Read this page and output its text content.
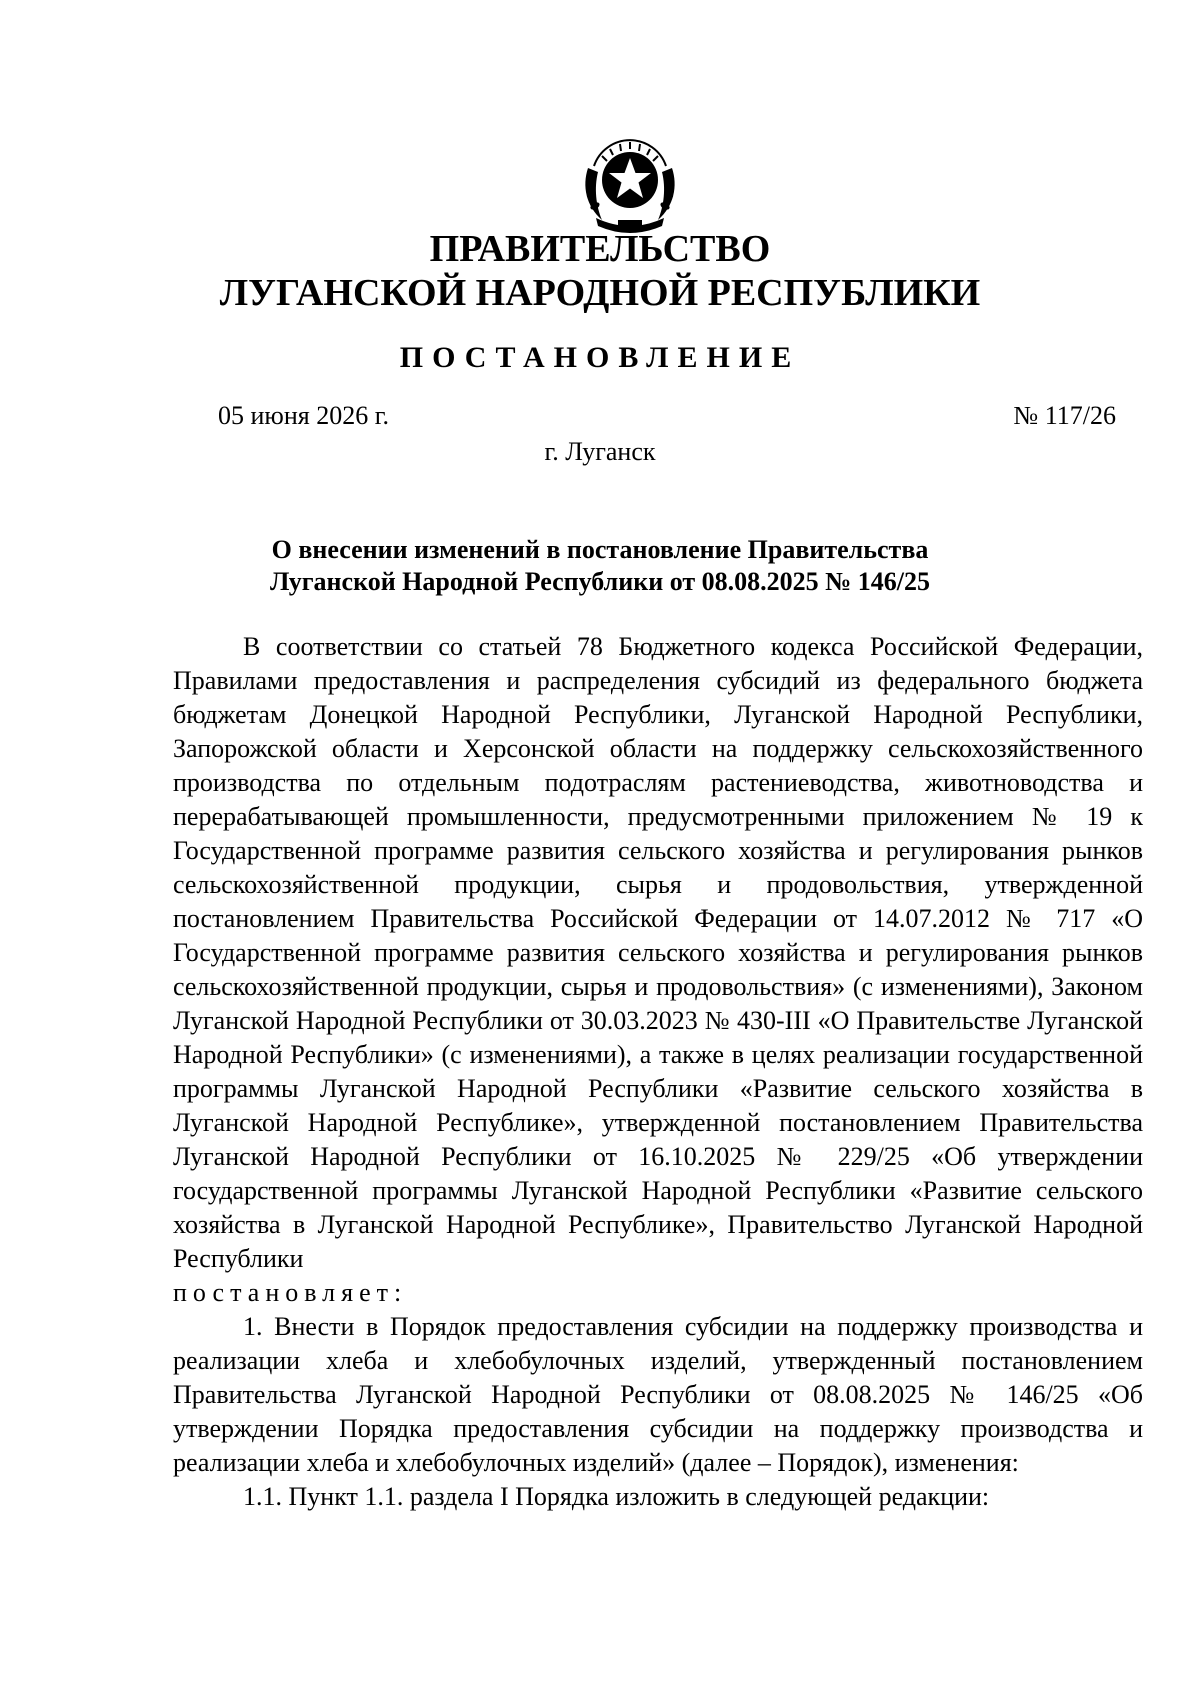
ПРАВИТЕЛЬСТВО
ЛУГАНСКОЙ НАРОДНОЙ РЕСПУБЛИКИ
ПОСТАНОВЛЕНИЕ
05 июня 2026 г.	№ 117/26
г. Луганск
О внесении изменений в постановление Правительства
Луганской Народной Республики от 08.08.2025 № 146/25

В соответствии со статьей 78 Бюджетного кодекса Российской Федерации, Правилами предоставления и распределения субсидий из федерального бюджета бюджетам Донецкой Народной Республики, Луганской Народной Республики, Запорожской области и Херсонской области на поддержку сельскохозяйственного производства по отдельным подотраслям растениеводства, животноводства и перерабатывающей промышленности, предусмотренными приложением № 19 к Государственной программе развития сельского хозяйства и регулирования рынков сельскохозяйственной продукции, сырья и продовольствия, утвержденной постановлением Правительства Российской Федерации от 14.07.2012 № 717 «О Государственной программе развития сельского хозяйства и регулирования рынков сельскохозяйственной продукции, сырья и продовольствия» (с изменениями), Законом Луганской Народной Республики от 30.03.2023 № 430-III «О Правительстве Луганской Народной Республики» (с изменениями), а также в целях реализации государственной программы Луганской Народной Республики «Развитие сельского хозяйства в Луганской Народной Республике», утвержденной постановлением Правительства Луганской Народной Республики от 16.10.2025 № 229/25 «Об утверждении государственной программы Луганской Народной Республики «Развитие сельского хозяйства в Луганской Народной Республике», Правительство Луганской Народной Республики

постановляет:

1. Внести в Порядок предоставления субсидии на поддержку производства и реализации хлеба и хлебобулочных изделий, утвержденный постановлением Правительства Луганской Народной Республики от 08.08.2025 № 146/25 «Об утверждении Порядка предоставления субсидии на поддержку производства и реализации хлеба и хлебобулочных изделий» (далее – Порядок), изменения:

1.1. Пункт 1.1. раздела I Порядка изложить в следующей редакции:
